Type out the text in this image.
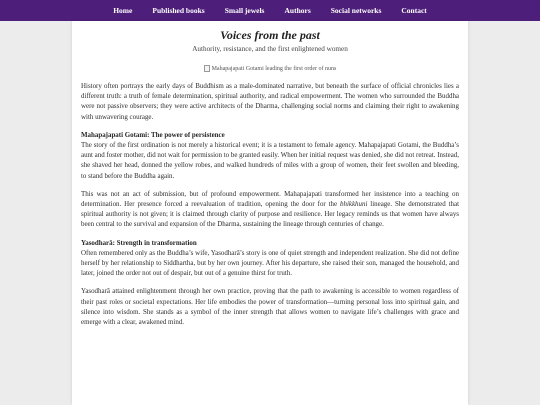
Home	Published books	Small jewels	Authors	Social networks	Contact
Voices from the past
Authority, resistance, and the first enlightened women
Mahapajapati Gotami leading the first order of nuns

History often portrays the early days of Buddhism as a male-dominated narrative, but beneath the surface of official chronicles lies a different truth: a truth of female determination, spiritual authority, and radical empowerment. The women who surrounded the Buddha were not passive observers; they were active architects of the Dharma, challenging social norms and claiming their right to awakening with unwavering courage.

Mahapajapati Gotami: The power of persistence

The story of the first ordination is not merely a historical event; it is a testament to female agency. Mahapajapati Gotami, the Buddha’s aunt and foster mother, did not wait for permission to be granted easily. When her initial request was denied, she did not retreat. Instead, she shaved her head, donned the yellow robes, and walked hundreds of miles with a group of women, their feet swollen and bleeding, to stand before the Buddha again.

This was not an act of submission, but of profound empowerment. Mahapajapati transformed her insistence into a teaching on determination. Her presence forced a reevaluation of tradition, opening the door for the bhikkhuni lineage. She demonstrated that spiritual authority is not given; it is claimed through clarity of purpose and resilience. Her legacy reminds us that women have always been central to the survival and expansion of the Dharma, sustaining the lineage through centuries of change.

Yasodharā: Strength in transformation

Often remembered only as the Buddha’s wife, Yasodharā’s story is one of quiet strength and independent realization. She did not define herself by her relationship to Siddhartha, but by her own journey. After his departure, she raised their son, managed the household, and later, joined the order not out of despair, but out of a genuine thirst for truth.

Yasodharā attained enlightenment through her own practice, proving that the path to awakening is accessible to women regardless of their past roles or societal expectations. Her life embodies the power of transformation—turning personal loss into spiritual gain, and silence into wisdom. She stands as a symbol of the inner strength that allows women to navigate life’s challenges with grace and emerge with a clear, awakened mind.
